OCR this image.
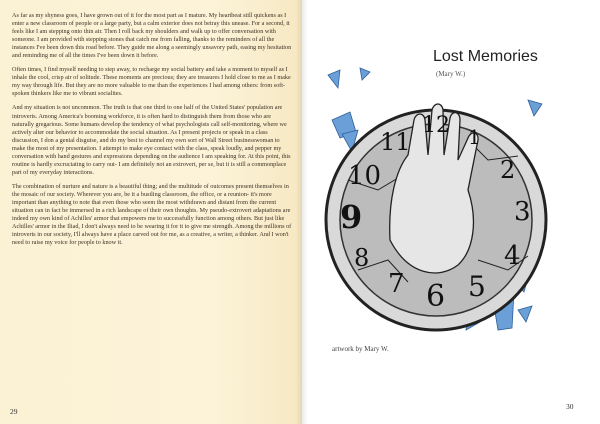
As far as my shyness goes, I have grown out of it for the most part as I mature. My heartbeat still quickens as I enter a new classroom of people or a large party, but a calm exterior does not betray this unease. For a second, it feels like I am stepping onto thin air. Then I roll back my shoulders and walk up to offer conversation with someone. I am provided with stepping stones that catch me from falling, thanks to the reminders of all the instances I've been down this road before. They guide me along a seemingly unsavory path, easing my hesitation and reminding me of all the times I've been down it before.

Often times, I find myself needing to step away, to recharge my social battery and take a moment to myself as I inhale the cool, crisp air of solitude. These moments are precious; they are treasures I hold close to me as I make my way through life. But they are no more valuable to me than the experiences I had among others: from soft-spoken thinkers like me to vibrant socialites.

And my situation is not uncommon. The truth is that one third to one half of the United States' population are introverts. Among America's booming workforce, it is often hard to distinguish them from those who are naturally gregarious. Some humans develop the tendency of what psychologists call self-monitoring, where we actively alter our behavior to accommodate the social situation. As I present projects or speak in a class discussion, I don a genial disguise, and do my best to channel my own sort of Wall Street businesswoman to make the most of my presentation. I attempt to make eye contact with the class, speak loudly, and pepper my conversation with hand gestures and expressions depending on the audience I am speaking for. At this point, this routine is hardly excruciating to carry out- I am definitely not an extrovert, per se, but it is still a commonplace part of my everyday interactions.

The combination of nurture and nature is a beautiful thing; and the multitude of outcomes present themselves in the mosaic of our society. Wherever you are, be it a bustling classroom, the office, or a reunion- it's more important than anything to note that even those who seem the most withdrawn and distant from the current situation can in fact be immersed in a rich landscape of their own thoughts. My pseudo-extrovert adaptations are indeed my own kind of Achilles' armor that empowers me to successfully function among others. But just like Achilles' armor in the Iliad, I don't always need to be wearing it for it to give me strength. Among the millions of introverts in our society, I'll always have a place carved out for me, as a creative, a writer, a thinker. And I won't need to raise my voice for people to know it.

29
Lost Memories
(Mary W.)
12 1
2
3
4
5
6
7
8
9
10
11
artwork by Mary W.
30
